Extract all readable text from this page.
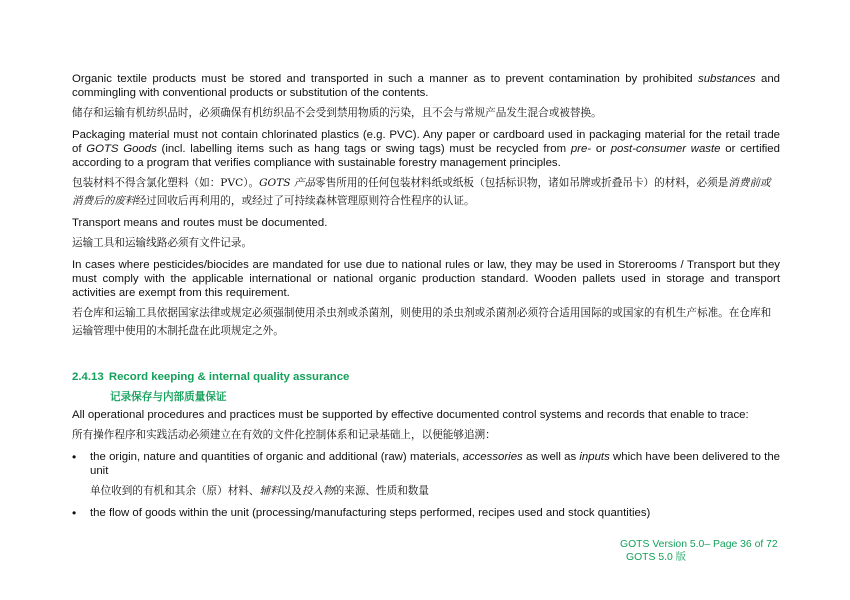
Organic textile products must be stored and transported in such a manner as to prevent contamination by prohibited substances and commingling with conventional products or substitution of the contents.

储存和运输有机纺织品时，必须确保有机纺织品不会受到禁用物质的污染，且不会与常规产品发生混合或被替换。

Packaging material must not contain chlorinated plastics (e.g. PVC). Any paper or cardboard used in packaging material for the retail trade of GOTS Goods (incl. labelling items such as hang tags or swing tags) must be recycled from pre- or post-consumer waste or certified according to a program that verifies compliance with sustainable forestry management principles.

包装材料不得含氯化塑料（如：PVC）。GOTS 产品零售所用的任何包装材料纸或纸板（包括标识物，诸如吊牌或折叠吊卡）的材料，必须是消费前或消费后的废料经过回收后再利用的，或经过了可持续森林管理原则符合性程序的认证。

Transport means and routes must be documented.

运输工具和运输线路必须有文件记录。

In cases where pesticides/biocides are mandated for use due to national rules or law, they may be used in Storerooms / Transport but they must comply with the applicable international or national organic production standard. Wooden pallets used in storage and transport activities are exempt from this requirement.

若仓库和运输工具依据国家法律或规定必须强制使用杀虫剂或杀菌剂，则使用的杀虫剂或杀菌剂必须符合适用国际的或国家的有机生产标准。在仓库和运输管理中使用的木制托盘在此项规定之外。

2.4.13 Record keeping & internal quality assurance

记录保存与内部质量保证

All operational procedures and practices must be supported by effective documented control systems and records that enable to trace:

所有操作程序和实践活动必须建立在有效的文件化控制体系和记录基础上，以便能够追溯：

• the origin, nature and quantities of organic and additional (raw) materials, accessories as well as inputs which have been delivered to the unit

单位收到的有机和其余（原）材料、辅料以及投入物的来源、性质和数量

• the flow of goods within the unit (processing/manufacturing steps performed, recipes used and stock quantities)

GOTS Version 5.0– Page 36 of 72
GOTS 5.0 版
